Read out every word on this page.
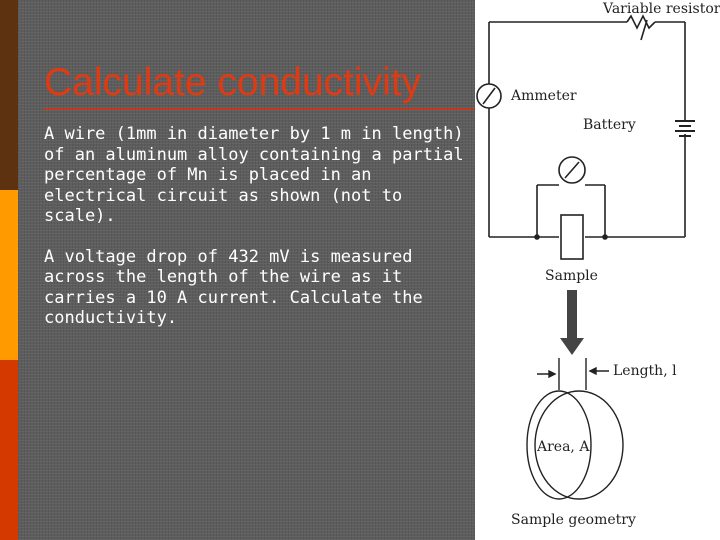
Calculate conductivity

A wire (1mm in diameter by 1 m in length) of an aluminum alloy containing a partial percentage of Mn is placed in an electrical circuit as shown (not to scale).

A voltage drop of 432 mV is measured across the length of the wire as it carries a 10 A current. Calculate the conductivity.

Variable resistor
Ammeter
Battery
Sample
Length, l
Area, A
Sample geometry
